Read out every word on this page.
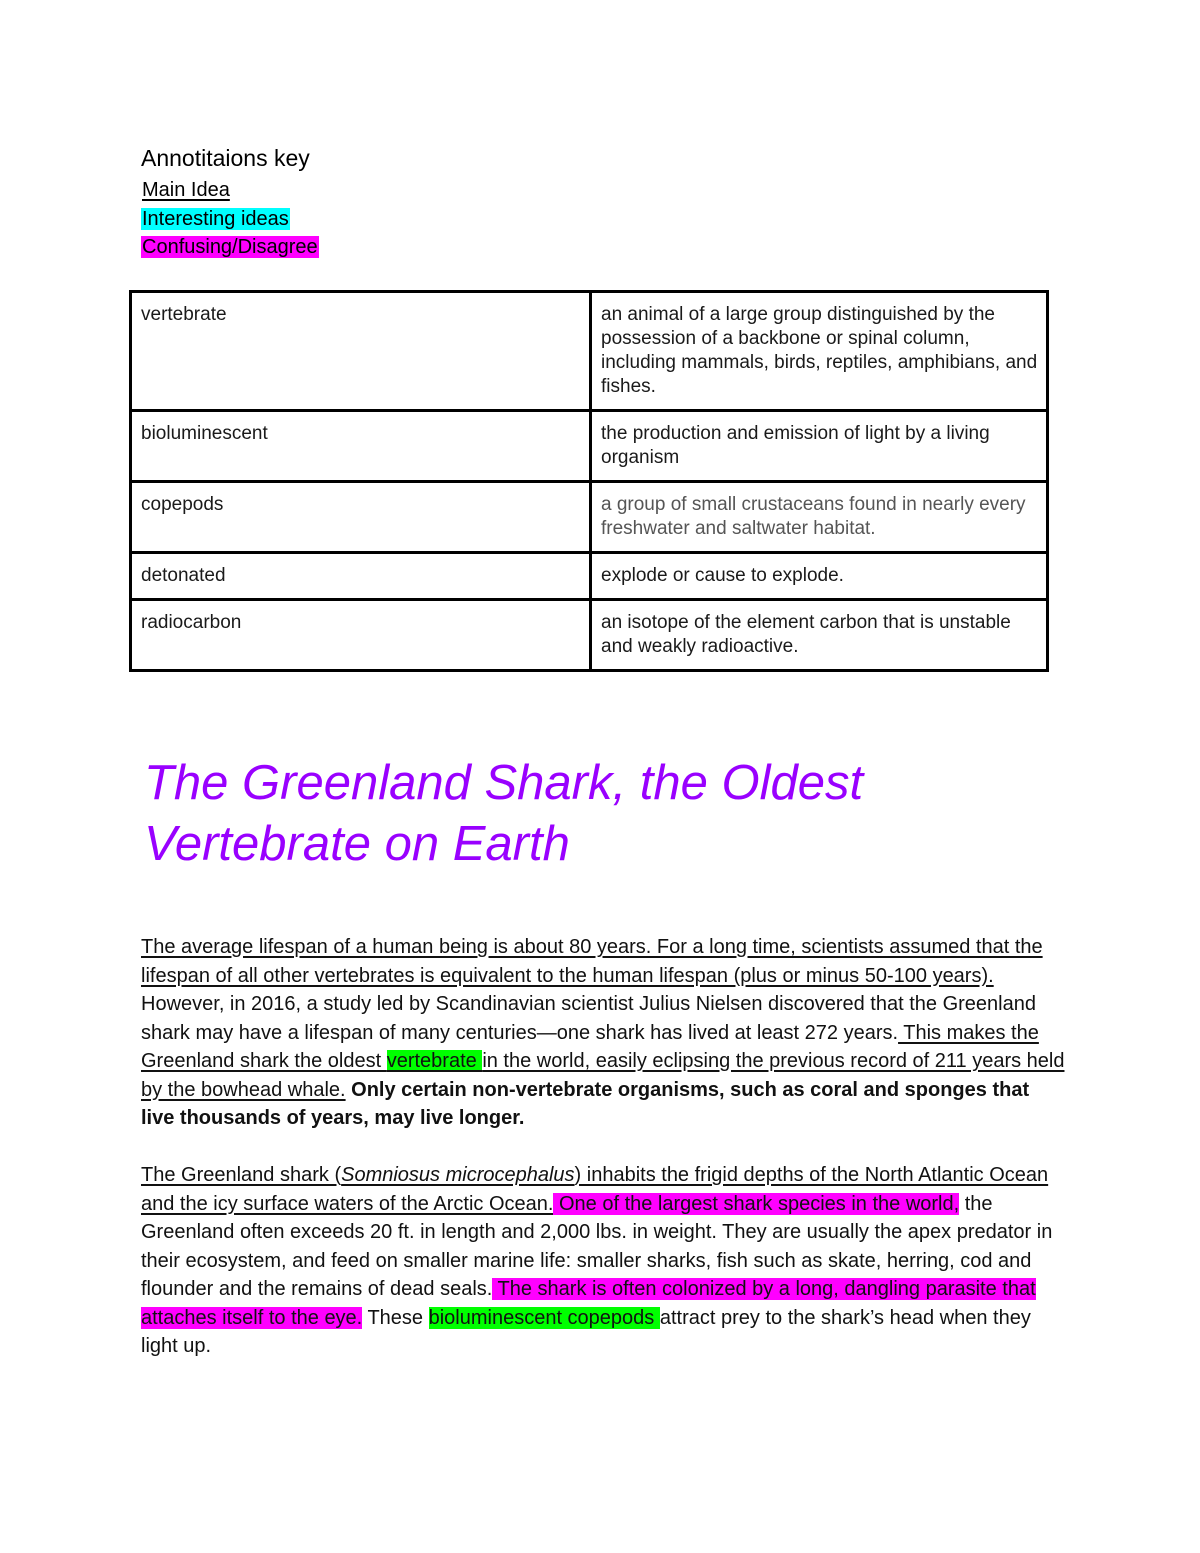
Annotitaions key
Main Idea
Interesting ideas
Confusing/Disagree
vertebrate	an animal of a large group distinguished by the possession of a backbone or spinal column, including mammals, birds, reptiles, amphibians, and fishes.
bioluminescent	the production and emission of light by a living organism
copepods	a group of small crustaceans found in nearly every freshwater and saltwater habitat.
detonated	explode or cause to explode.
radiocarbon	an isotope of the element carbon that is unstable and weakly radioactive.
The Greenland Shark, the Oldest
Vertebrate on Earth

The average lifespan of a human being is about 80 years. For a long time, scientists assumed that the lifespan of all other vertebrates is equivalent to the human lifespan (plus or minus 50-100 years). However, in 2016, a study led by Scandinavian scientist Julius Nielsen discovered that the Greenland shark may have a lifespan of many centuries—one shark has lived at least 272 years. This makes the Greenland shark the oldest vertebrate in the world, easily eclipsing the previous record of 211 years held by the bowhead whale. Only certain non-vertebrate organisms, such as coral and sponges that live thousands of years, may live longer.

The Greenland shark (Somniosus microcephalus) inhabits the frigid depths of the North Atlantic Ocean and the icy surface waters of the Arctic Ocean. One of the largest shark species in the world, the Greenland often exceeds 20 ft. in length and 2,000 lbs. in weight. They are usually the apex predator in their ecosystem, and feed on smaller marine life: smaller sharks, fish such as skate, herring, cod and flounder and the remains of dead seals. The shark is often colonized by a long, dangling parasite that attaches itself to the eye. These bioluminescent copepods attract prey to the shark’s head when they light up.
